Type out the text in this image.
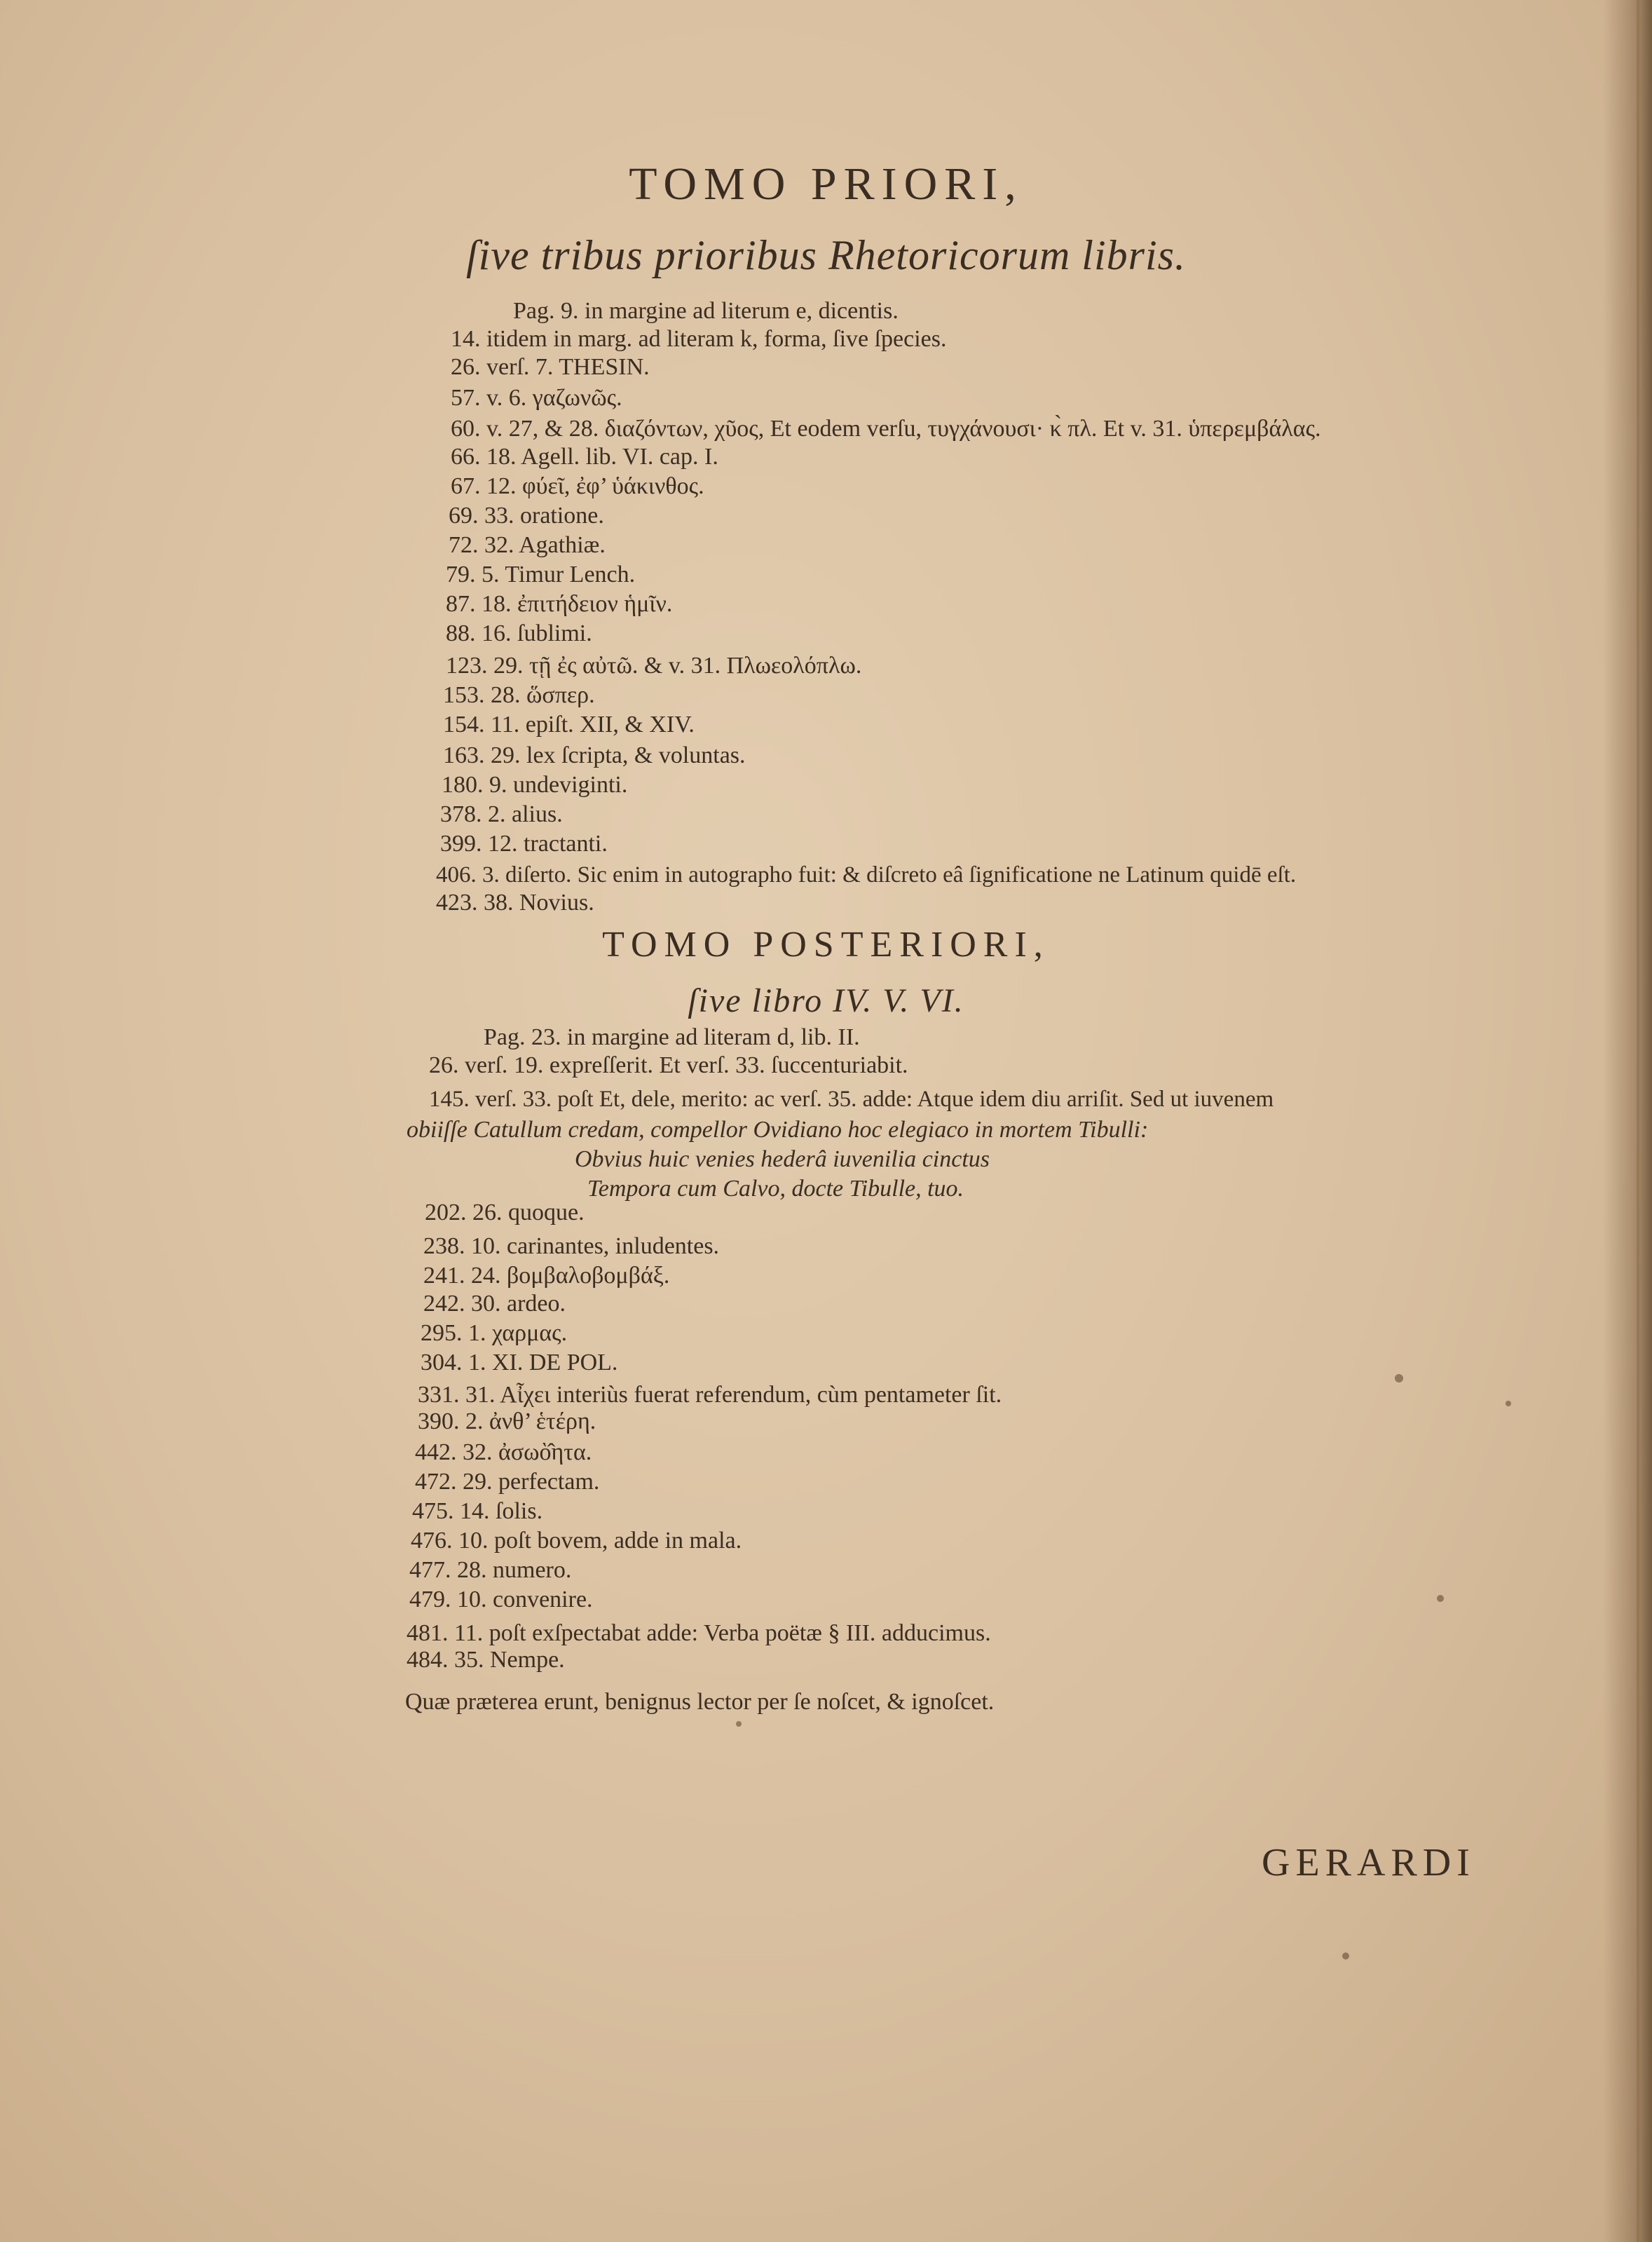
TOMO PRIORI,
ſive tribus prioribus Rhetoricorum libris.
Pag. 9. in margine ad literum e, dicentis.
14. itidem in marg. ad literam k, forma, ſive ſpecies.
26. verſ. 7. THESIN.
57. v. 6. γαζωνῶς.
60. v. 27, & 28. διαζόντων, χῦος, Et eodem verſu, τυγχάνουσι· κ̀ πλ. Et v. 31. ὑπερεμβάλας.
66. 18. Agell. lib. VI. cap. I.
67. 12. φύεῖ, ἐφ’ ὑάκινθος.
69. 33. oratione.
72. 32. Agathiæ.
79. 5. Timur Lench.
87. 18. ἐπιτήδειον ἡμῖν.
88. 16. ſublimi.
123. 29. τῇ ἐς αὐτῶ. & v. 31. Πλωεολόπλω.
153. 28. ὥσπερ.
154. 11. epiſt. XII, & XIV.
163. 29. lex ſcripta, & voluntas.
180. 9. undeviginti.
378. 2. alius.
399. 12. tractanti.
406. 3. diſerto. Sic enim in autographo fuit: & diſcreto eâ ſignificatione ne Latinum quidē eſt.
423. 38. Novius.
TOMO POSTERIORI,
ſive libro IV. V. VI.
Pag. 23. in margine ad literam d, lib. II.
26. verſ. 19. expreſſerit. Et verſ. 33. ſuccenturiabit.
145. verſ. 33. poſt Et, dele, merito: ac verſ. 35. adde: Atque idem diu arriſit. Sed ut iuvenem
obiiſſe Catullum credam, compellor Ovidiano hoc elegiaco in mortem Tibulli:
Obvius huic venies hederâ iuvenilia cinctus
Tempora cum Calvo, docte Tibulle, tuo.
202. 26. quoque.
238. 10. carinantes, inludentes.
241. 24. βομβαλοβομβάξ.
242. 30. ardeo.
295. 1. χαρμας.
304. 1. XI. DE POL.
331. 31. Αἶχει interiùs fuerat referendum, cùm pentameter ſit.
390. 2. ἀνθ’ ἑτέρη.
442. 32. ἀσωὸ̂ητα.
472. 29. perfectam.
475. 14. ſolis.
476. 10. poſt bovem, adde in mala.
477. 28. numero.
479. 10. convenire.
481. 11. poſt exſpectabat adde: Verba poëtæ § III. adducimus.
484. 35. Nempe.
Quæ præterea erunt, benignus lector per ſe noſcet, & ignoſcet.
GERARDI
